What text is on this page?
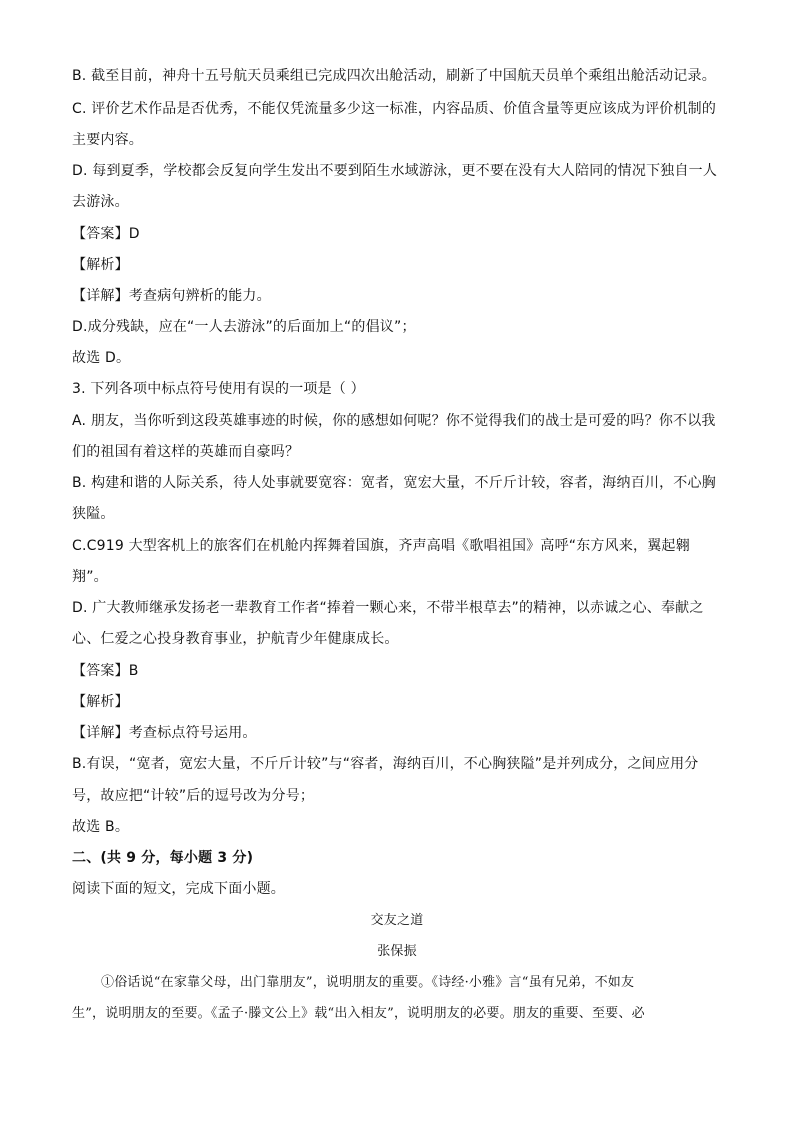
B. 截至目前，神舟十五号航天员乘组已完成四次出舱活动，刷新了中国航天员单个乘组出舱活动记录。
C. 评价艺术作品是否优秀，不能仅凭流量多少这一标准，内容品质、价值含量等更应该成为评价机制的
主要内容。
D. 每到夏季，学校都会反复向学生发出不要到陌生水域游泳，更不要在没有大人陪同的情况下独自一人
去游泳。
【答案】D
【解析】
【详解】考查病句辨析的能力。
D.成分残缺，应在“一人去游泳”的后面加上“的倡议”；
故选 D。
3. 下列各项中标点符号使用有误的一项是（ ）
A. 朋友，当你听到这段英雄事迹的时候，你的感想如何呢？你不觉得我们的战士是可爱的吗？你不以我
们的祖国有着这样的英雄而自豪吗？
B. 构建和谐的人际关系，待人处事就要宽容：宽者，宽宏大量，不斤斤计较，容者，海纳百川，不心胸
狭隘。
C.C919 大型客机上的旅客们在机舱内挥舞着国旗，齐声高唱《歌唱祖国》高呼“东方风来，翼起翱
翔”。
D. 广大教师继承发扬老一辈教育工作者“捧着一颗心来，不带半根草去”的精神，以赤诚之心、奉献之
心、仁爱之心投身教育事业，护航青少年健康成长。
【答案】B
【解析】
【详解】考查标点符号运用。
B.有误，“宽者，宽宏大量，不斤斤计较”与“容者，海纳百川，不心胸狭隘”是并列成分，之间应用分
号，故应把“计较”后的逗号改为分号；
故选 B。
二、(共 9 分，每小题 3 分)
阅读下面的短文，完成下面小题。
交友之道
张保振
①俗话说“在家靠父母，出门靠朋友”，说明朋友的重要。《诗经·小雅》言“虽有兄弟，不如友
生”，说明朋友的至要。《孟子·滕文公上》载“出入相友”，说明朋友的必要。朋友的重要、至要、必
